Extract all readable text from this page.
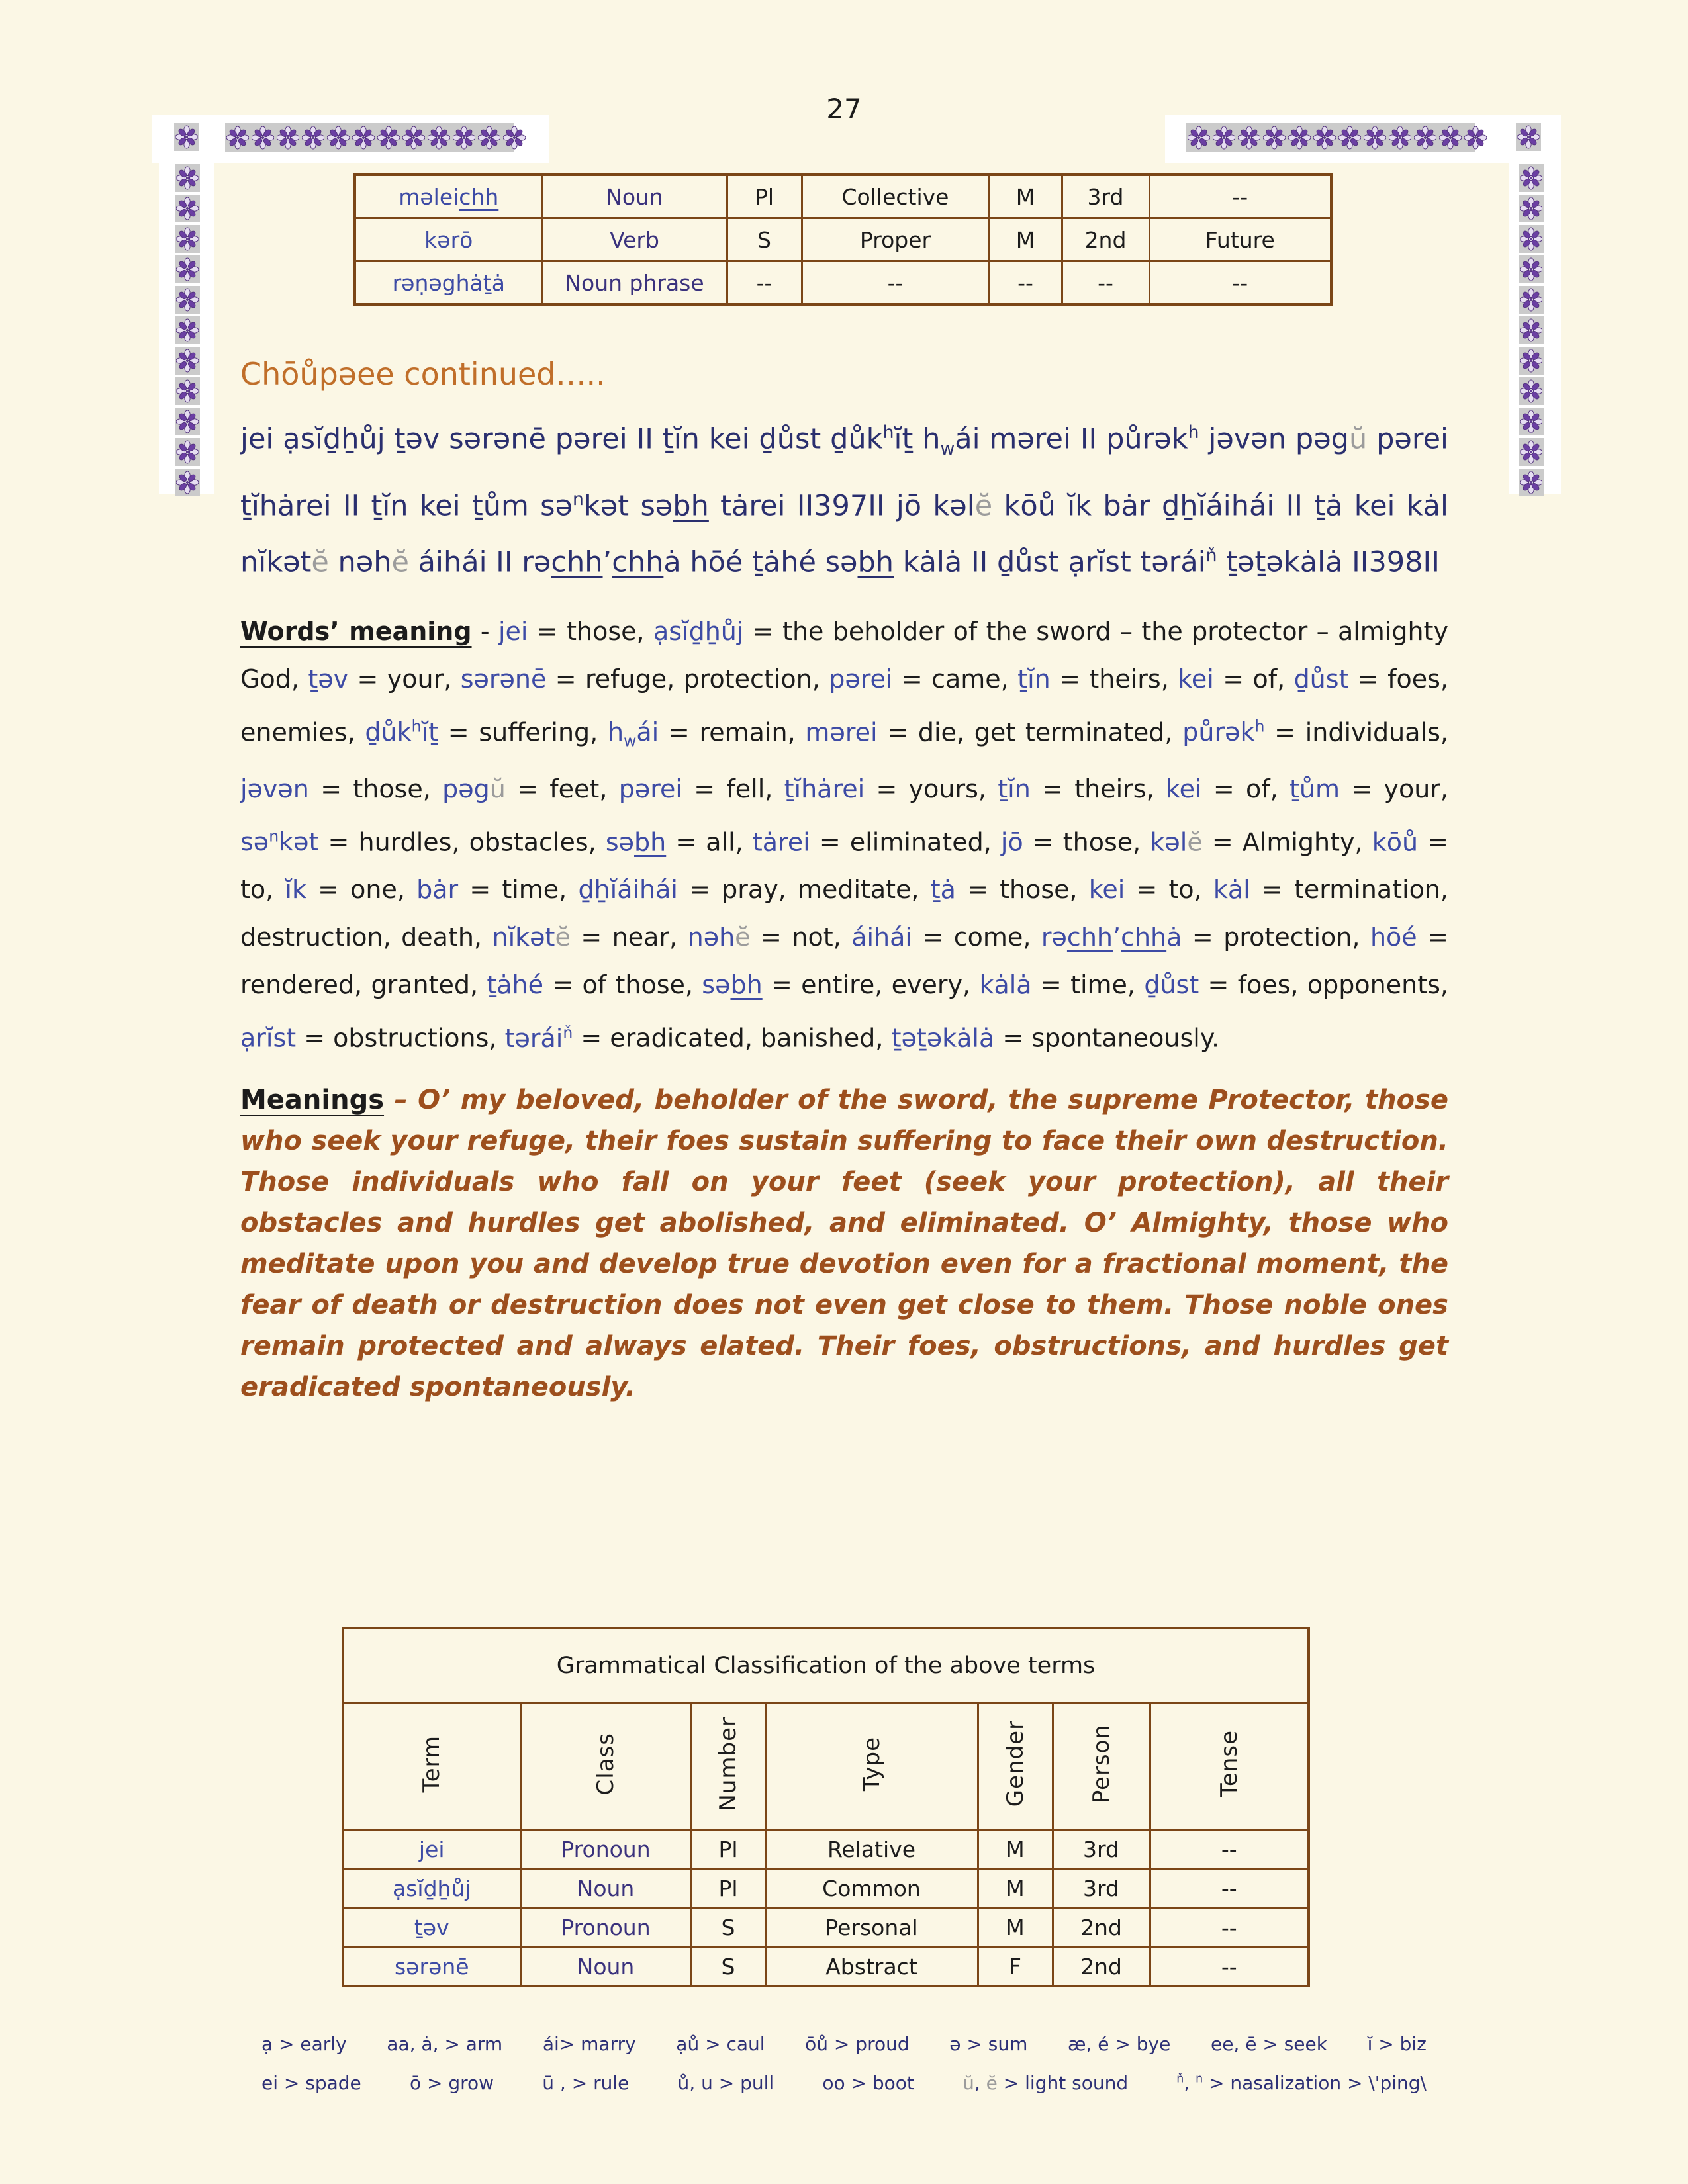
27
məleichh	Noun	Pl	Collective	M	3rd	--
kərō	Verb	S	Proper	M	2nd	Future
rəṇəghȧṯȧ	Noun phrase	--	--	--	--	--
Chōůpəee continued…..

jei ạsĭḏẖůj ṯəv sərənē pərei II ṯĭn kei ḏůst ḏůk$^h$ĭṯ $h_wái$ mərei II půrək$^h$ jəvən pəgŭ pərei ṯĭhȧrei II ṯĭn kei ṯům sə$^n$kət səbh tȧrei II397II jō kəlĕ kōů ĭk bȧr ḏẖĭáihái II ṯȧ kei kȧl nĭkətĕ nəhĕ áihái II rəchh’chhȧ hōé ṯȧhé səbh kȧlȧ II ḏůst ạrĭst tərái$^ň$ ṯəṯəkȧlȧ II398II

Words’ meaning - jei = those, ạsĭḏẖůj = the beholder of the sword – the protector – almighty God, ṯəv = your, sərənē = refuge, protection, pərei = came, ṯĭn = theirs, kei = of, ḏůst = foes, enemies, ḏůk$^h$ĭṯ = suffering, $h_wái$ = remain, mərei = die, get terminated, půrək$^h$ = individuals, jəvən = those, pəgŭ = feet, pərei = fell, ṯĭhȧrei = yours, ṯĭn = theirs, kei = of, ṯům = your, sə$^n$kət = hurdles, obstacles, səbh = all, tȧrei = eliminated, jō = those, kəlĕ = Almighty, kōů = to, ĭk = one, bȧr = time, ḏẖĭáihái = pray, meditate, ṯȧ = those, kei = to, kȧl = termination, destruction, death, nĭkətĕ = near, nəhĕ = not, áihái = come, rəchh’chhȧ = protection, hōé = rendered, granted, ṯȧhé = of those, səbh = entire, every, kȧlȧ = time, ḏůst = foes, opponents, ạrĭst = obstructions, tərái$^ň$ = eradicated, banished, ṯəṯəkȧlȧ = spontaneously.

Meanings – O’ my beloved, beholder of the sword, the supreme Protector, those who seek your refuge, their foes sustain suffering to face their own destruction. Those individuals who fall on your feet (seek your protection), all their obstacles and hurdles get abolished, and eliminated. O’ Almighty, those who meditate upon you and develop true devotion even for a fractional moment, the fear of death or destruction does not even get close to them. Those noble ones remain protected and always elated. Their foes, obstructions, and hurdles get eradicated spontaneously.

Grammatical Classification of the above terms						
Term	Class	Number	Type	Gender	Person	Tense
jei	Pronoun	Pl	Relative	M	3rd	--
ạsĭḏẖůj	Noun	Pl	Common	M	3rd	--
ṯəv	Pronoun	S	Personal	M	2nd	--
sərənē	Noun	S	Abstract	F	2nd	--
ạ > early aa, ȧ, > arm ái> marry ạů > caul ōů > proud ə > sum æ, é > bye ee, ē > seek ĭ > biz
ei > spade	ō > grow	ū , > rule	ů, u > pull	oo > boot	ŭ, ĕ > light sound	$^ň$, $^n$ > nasalization > \'ping\
